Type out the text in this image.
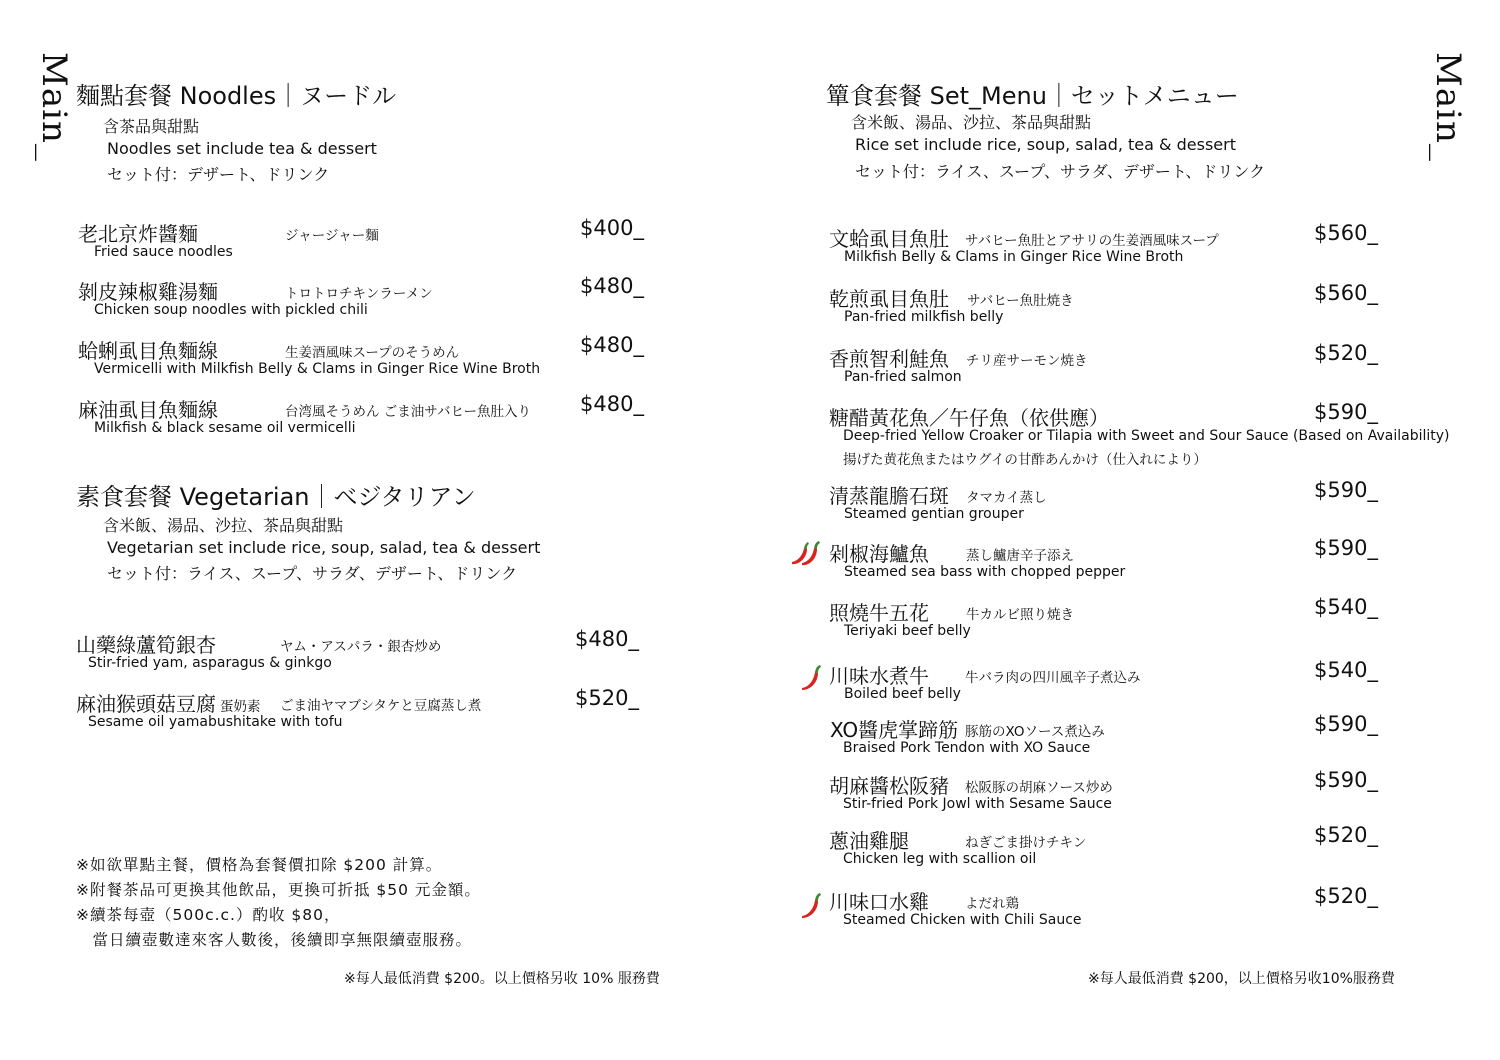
Main_	Main_
麵點套餐 Noodles｜ヌードル
含茶品與甜點
Noodles set include tea & dessert
セット付：デザート、ドリンク
老北京炸醬麵	ジャージャー麵
Fried sauce noodles
$400_
剝皮辣椒雞湯麵	トロトロチキンラーメン
Chicken soup noodles with pickled chili
$480_
蛤蜊虱目魚麵線	生姜酒風味スープのそうめん
Vermicelli with Milkfish Belly & Clams in Ginger Rice Wine Broth
$480_
麻油虱目魚麵線	台湾風そうめん ごま油サバヒー魚肚入り
Milkfish & black sesame oil vermicelli
$480_
素食套餐 Vegetarian｜ベジタリアン
含米飯、湯品、沙拉、茶品與甜點
Vegetarian set include rice, soup, salad, tea & dessert
セット付：ライス、スープ、サラダ、デザート、ドリンク
山藥綠蘆筍銀杏	ヤム・アスパラ・銀杏炒め
Stir-fried yam, asparagus & ginkgo
$480_
麻油猴頭菇豆腐 蛋奶素 ごま油ヤマブシタケと豆腐蒸し煮
Sesame oil yamabushitake with tofu
$520_
※如欲單點主餐，價格為套餐價扣除 $200 計算。
※附餐茶品可更換其他飲品，更換可折抵 $50 元金額。
※續茶每壺（500c.c.）酌收 $80，
　當日續壺數達來客人數後，後續即享無限續壺服務。
※每人最低消費 $200。以上價格另收 10% 服務費
簞食套餐 Set_Menu｜セットメニュー
含米飯、湯品、沙拉、茶品與甜點
Rice set include rice, soup, salad, tea & dessert
セット付：ライス、スープ、サラダ、デザート、ドリンク
文蛤虱目魚肚 サバヒー魚肚とアサリの生姜酒風味スープ
Milkfish Belly & Clams in Ginger Rice Wine Broth
$560_
乾煎虱目魚肚 サバヒー魚肚焼き
Pan-fried milkfish belly
$560_
香煎智利鮭魚 チリ産サーモン焼き
Pan-fried salmon
$520_
糖醋黃花魚／午仔魚（依供應）
Deep-fried Yellow Croaker or Tilapia with Sweet and Sour Sauce (Based on Availability)
揚げた黄花魚またはウグイの甘酢あんかけ（仕入れにより）
$590_
清蒸龍膽石斑 タマカイ蒸し
Steamed gentian grouper
$590_
剁椒海鱸魚	蒸し鱸唐辛子添え
Steamed sea bass with chopped pepper
$590_
照燒牛五花	牛カルビ照り焼き
Teriyaki beef belly
$540_
川味水煮牛	牛バラ肉の四川風辛子煮込み
Boiled beef belly
$540_
XO醬虎掌蹄筋 豚筋のXOソース煮込み
Braised Pork Tendon with XO Sauce
$590_
胡麻醬松阪豬 松阪豚の胡麻ソース炒め
Stir-fried Pork Jowl with Sesame Sauce
$590_
蔥油雞腿	ねぎごま掛けチキン
Chicken leg with scallion oil
$520_
川味口水雞	よだれ鶏
Steamed Chicken with Chili Sauce
$520_
※每人最低消費 $200，以上價格另收10%服務費
